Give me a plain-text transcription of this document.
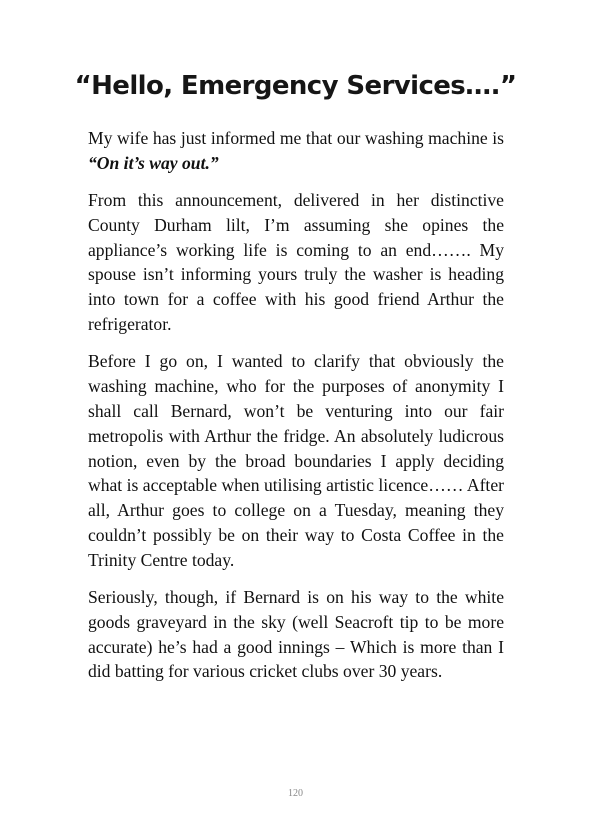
“Hello, Emergency Services….”

My wife has just informed me that our washing machine is “On it’s way out.”

From this announcement, delivered in her distinctive County Durham lilt, I’m assuming she opines the appliance’s working life is coming to an end……. My spouse isn’t informing yours truly the washer is heading into town for a coffee with his good friend Arthur the refrigerator.

Before I go on, I wanted to clarify that obviously the washing machine, who for the purposes of anonymity I shall call Bernard, won’t be venturing into our fair metropolis with Arthur the fridge. An absolutely ludicrous notion, even by the broad boundaries I apply deciding what is acceptable when utilising artistic licence…… After all, Arthur goes to college on a Tuesday, meaning they couldn’t possibly be on their way to Costa Coffee in the Trinity Centre today.

Seriously, though, if Bernard is on his way to the white goods graveyard in the sky (well Seacroft tip to be more accurate) he’s had a good innings – Which is more than I did batting for various cricket clubs over 30 years.

120
